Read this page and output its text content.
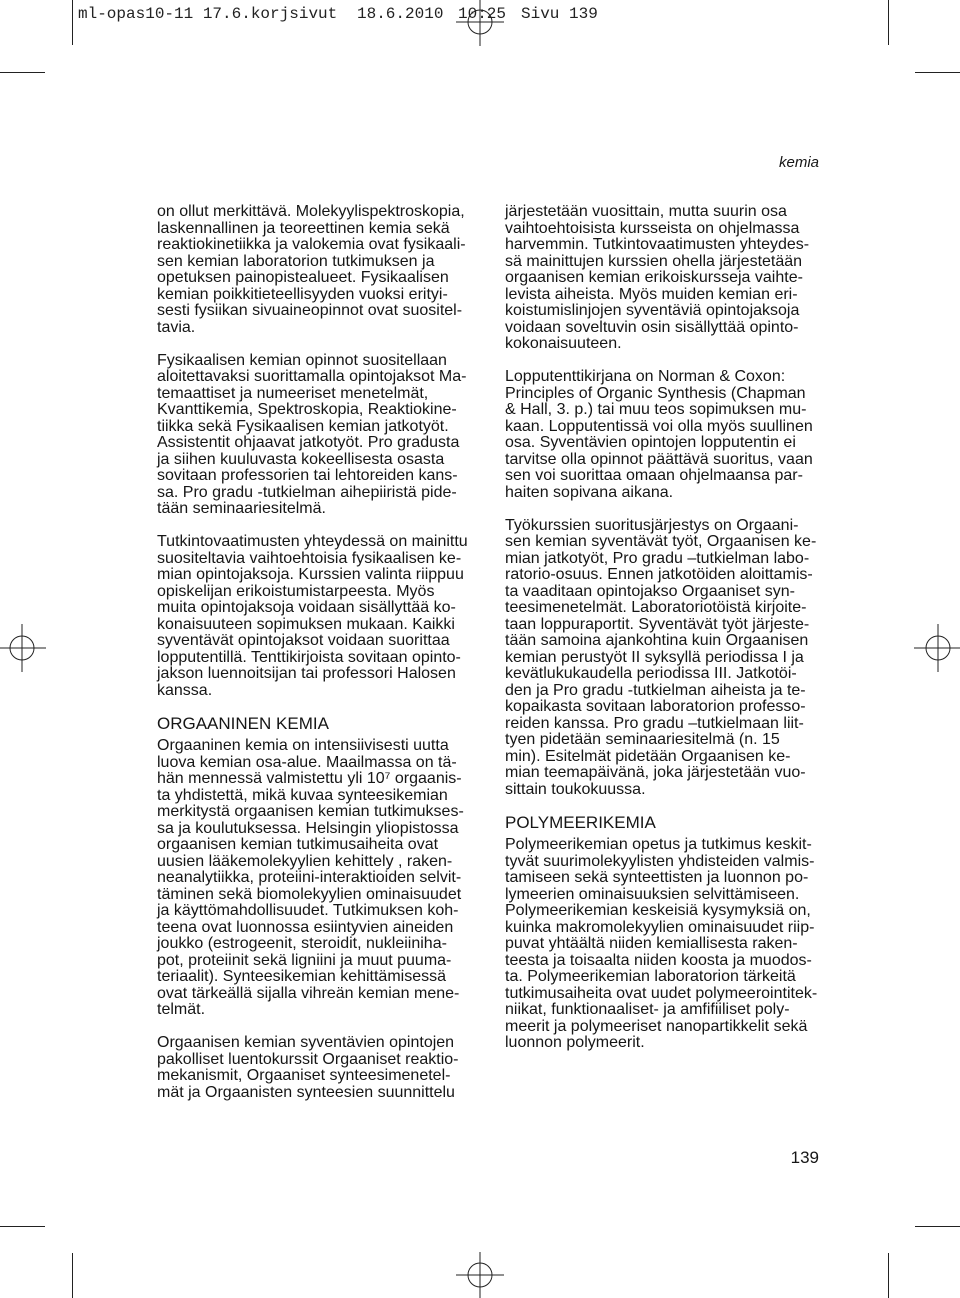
ml-opas10-11 17.6.korjsivut 18.6.2010 10:25 Sivu 139
kemia
on ollut merkittävä. Molekyylispektroskopia,
laskennallinen ja teoreettinen kemia sekä
reaktiokinetiikka ja valokemia ovat fysikaali-
sen kemian laboratorion tutkimuksen ja
opetuksen painopistealueet. Fysikaalisen
kemian poikkitieteellisyyden vuoksi erityi-
sesti fysiikan sivuaineopinnot ovat suositel-
tavia.
Fysikaalisen kemian opinnot suositellaan
aloitettavaksi suorittamalla opintojaksot Ma-
temaattiset ja numeeriset menetelmät,
Kvanttikemia, Spektroskopia, Reaktiokine-
tiikka sekä Fysikaalisen kemian jatkotyöt.
Assistentit ohjaavat jatkotyöt. Pro gradusta
ja siihen kuuluvasta kokeellisesta osasta
sovitaan professorien tai lehtoreiden kans-
sa. Pro gradu -tutkielman aihepiiristä pide-
tään seminaariesitelmä.
Tutkintovaatimusten yhteydessä on mainittu
suositeltavia vaihtoehtoisia fysikaalisen ke-
mian opintojaksoja. Kurssien valinta riippuu
opiskelijan erikoistumistarpeesta. Myös
muita opintojaksoja voidaan sisällyttää ko-
konaisuuteen sopimuksen mukaan. Kaikki
syventävät opintojaksot voidaan suorittaa
lopputentillä. Tenttikirjoista sovitaan opinto-
jakson luennoitsijan tai professori Halosen
kanssa.
ORGAANINEN KEMIA
Orgaaninen kemia on intensiivisesti uutta
luova kemian osa-alue. Maailmassa on tä-
hän mennessä valmistettu yli 10⁷ orgaanis-
ta yhdistettä, mikä kuvaa synteesikemian
merkitystä orgaanisen kemian tutkimukses-
sa ja koulutuksessa. Helsingin yliopistossa
orgaanisen kemian tutkimusaiheita ovat
uusien lääkemolekyylien kehittely , raken-
neanalytiikka, proteiini-interaktioiden selvit-
täminen sekä biomolekyylien ominaisuudet
ja käyttömahdollisuudet. Tutkimuksen koh-
teena ovat luonnossa esiintyvien aineiden
joukko (estrogeenit, steroidit, nukleiiniha-
pot, proteiinit sekä ligniini ja muut puuma-
teriaalit). Synteesikemian kehittämisessä
ovat tärkeällä sijalla vihreän kemian mene-
telmät.
Orgaanisen kemian syventävien opintojen
pakolliset luentokurssit Orgaaniset reaktio-
mekanismit, Orgaaniset synteesimenetel-
mät ja Orgaanisten synteesien suunnittelu
järjestetään vuosittain, mutta suurin osa
vaihtoehtoisista kursseista on ohjelmassa
harvemmin. Tutkintovaatimusten yhteydes-
sä mainittujen kurssien ohella järjestetään
orgaanisen kemian erikoiskursseja vaihte-
levista aiheista. Myös muiden kemian eri-
koistumislinjojen syventäviä opintojaksoja
voidaan soveltuvin osin sisällyttää opinto-
kokonaisuuteen.
Lopputenttikirjana on Norman & Coxon:
Principles of Organic Synthesis (Chapman
& Hall, 3. p.) tai muu teos sopimuksen mu-
kaan. Lopputentissä voi olla myös suullinen
osa. Syventävien opintojen lopputentin ei
tarvitse olla opinnot päättävä suoritus, vaan
sen voi suorittaa omaan ohjelmaansa par-
haiten sopivana aikana.
Työkurssien suoritusjärjestys on Orgaani-
sen kemian syventävät työt, Orgaanisen ke-
mian jatkotyöt, Pro gradu –tutkielman labo-
ratorio-osuus. Ennen jatkotöiden aloittamis-
ta vaaditaan opintojakso Orgaaniset syn-
teesimenetelmät. Laboratoriotöistä kirjoite-
taan loppuraportit. Syventävät työt järjeste-
tään samoina ajankohtina kuin Orgaanisen
kemian perustyöt II syksyllä periodissa I ja
kevätlukukaudella periodissa III. Jatkotöi-
den ja Pro gradu -tutkielman aiheista ja te-
kopaikasta sovitaan laboratorion professo-
reiden kanssa. Pro gradu –tutkielmaan liit-
tyen pidetään seminaariesitelmä (n. 15
min). Esitelmät pidetään Orgaanisen ke-
mian teemapäivänä, joka järjestetään vuo-
sittain toukokuussa.
POLYMEERIKEMIA
Polymeerikemian opetus ja tutkimus keskit-
tyvät suurimolekyylisten yhdisteiden valmis-
tamiseen sekä synteettisten ja luonnon po-
lymeerien ominaisuuksien selvittämiseen.
Polymeerikemian keskeisiä kysymyksiä on,
kuinka makromolekyylien ominaisuudet riip-
puvat yhtäältä niiden kemiallisesta raken-
teesta ja toisaalta niiden koosta ja muodos-
ta. Polymeerikemian laboratorion tärkeitä
tutkimusaiheita ovat uudet polymeerointitek-
niikat, funktionaaliset- ja amfifiiliset poly-
meerit ja polymeeriset nanopartikkelit sekä
luonnon polymeerit.
139
